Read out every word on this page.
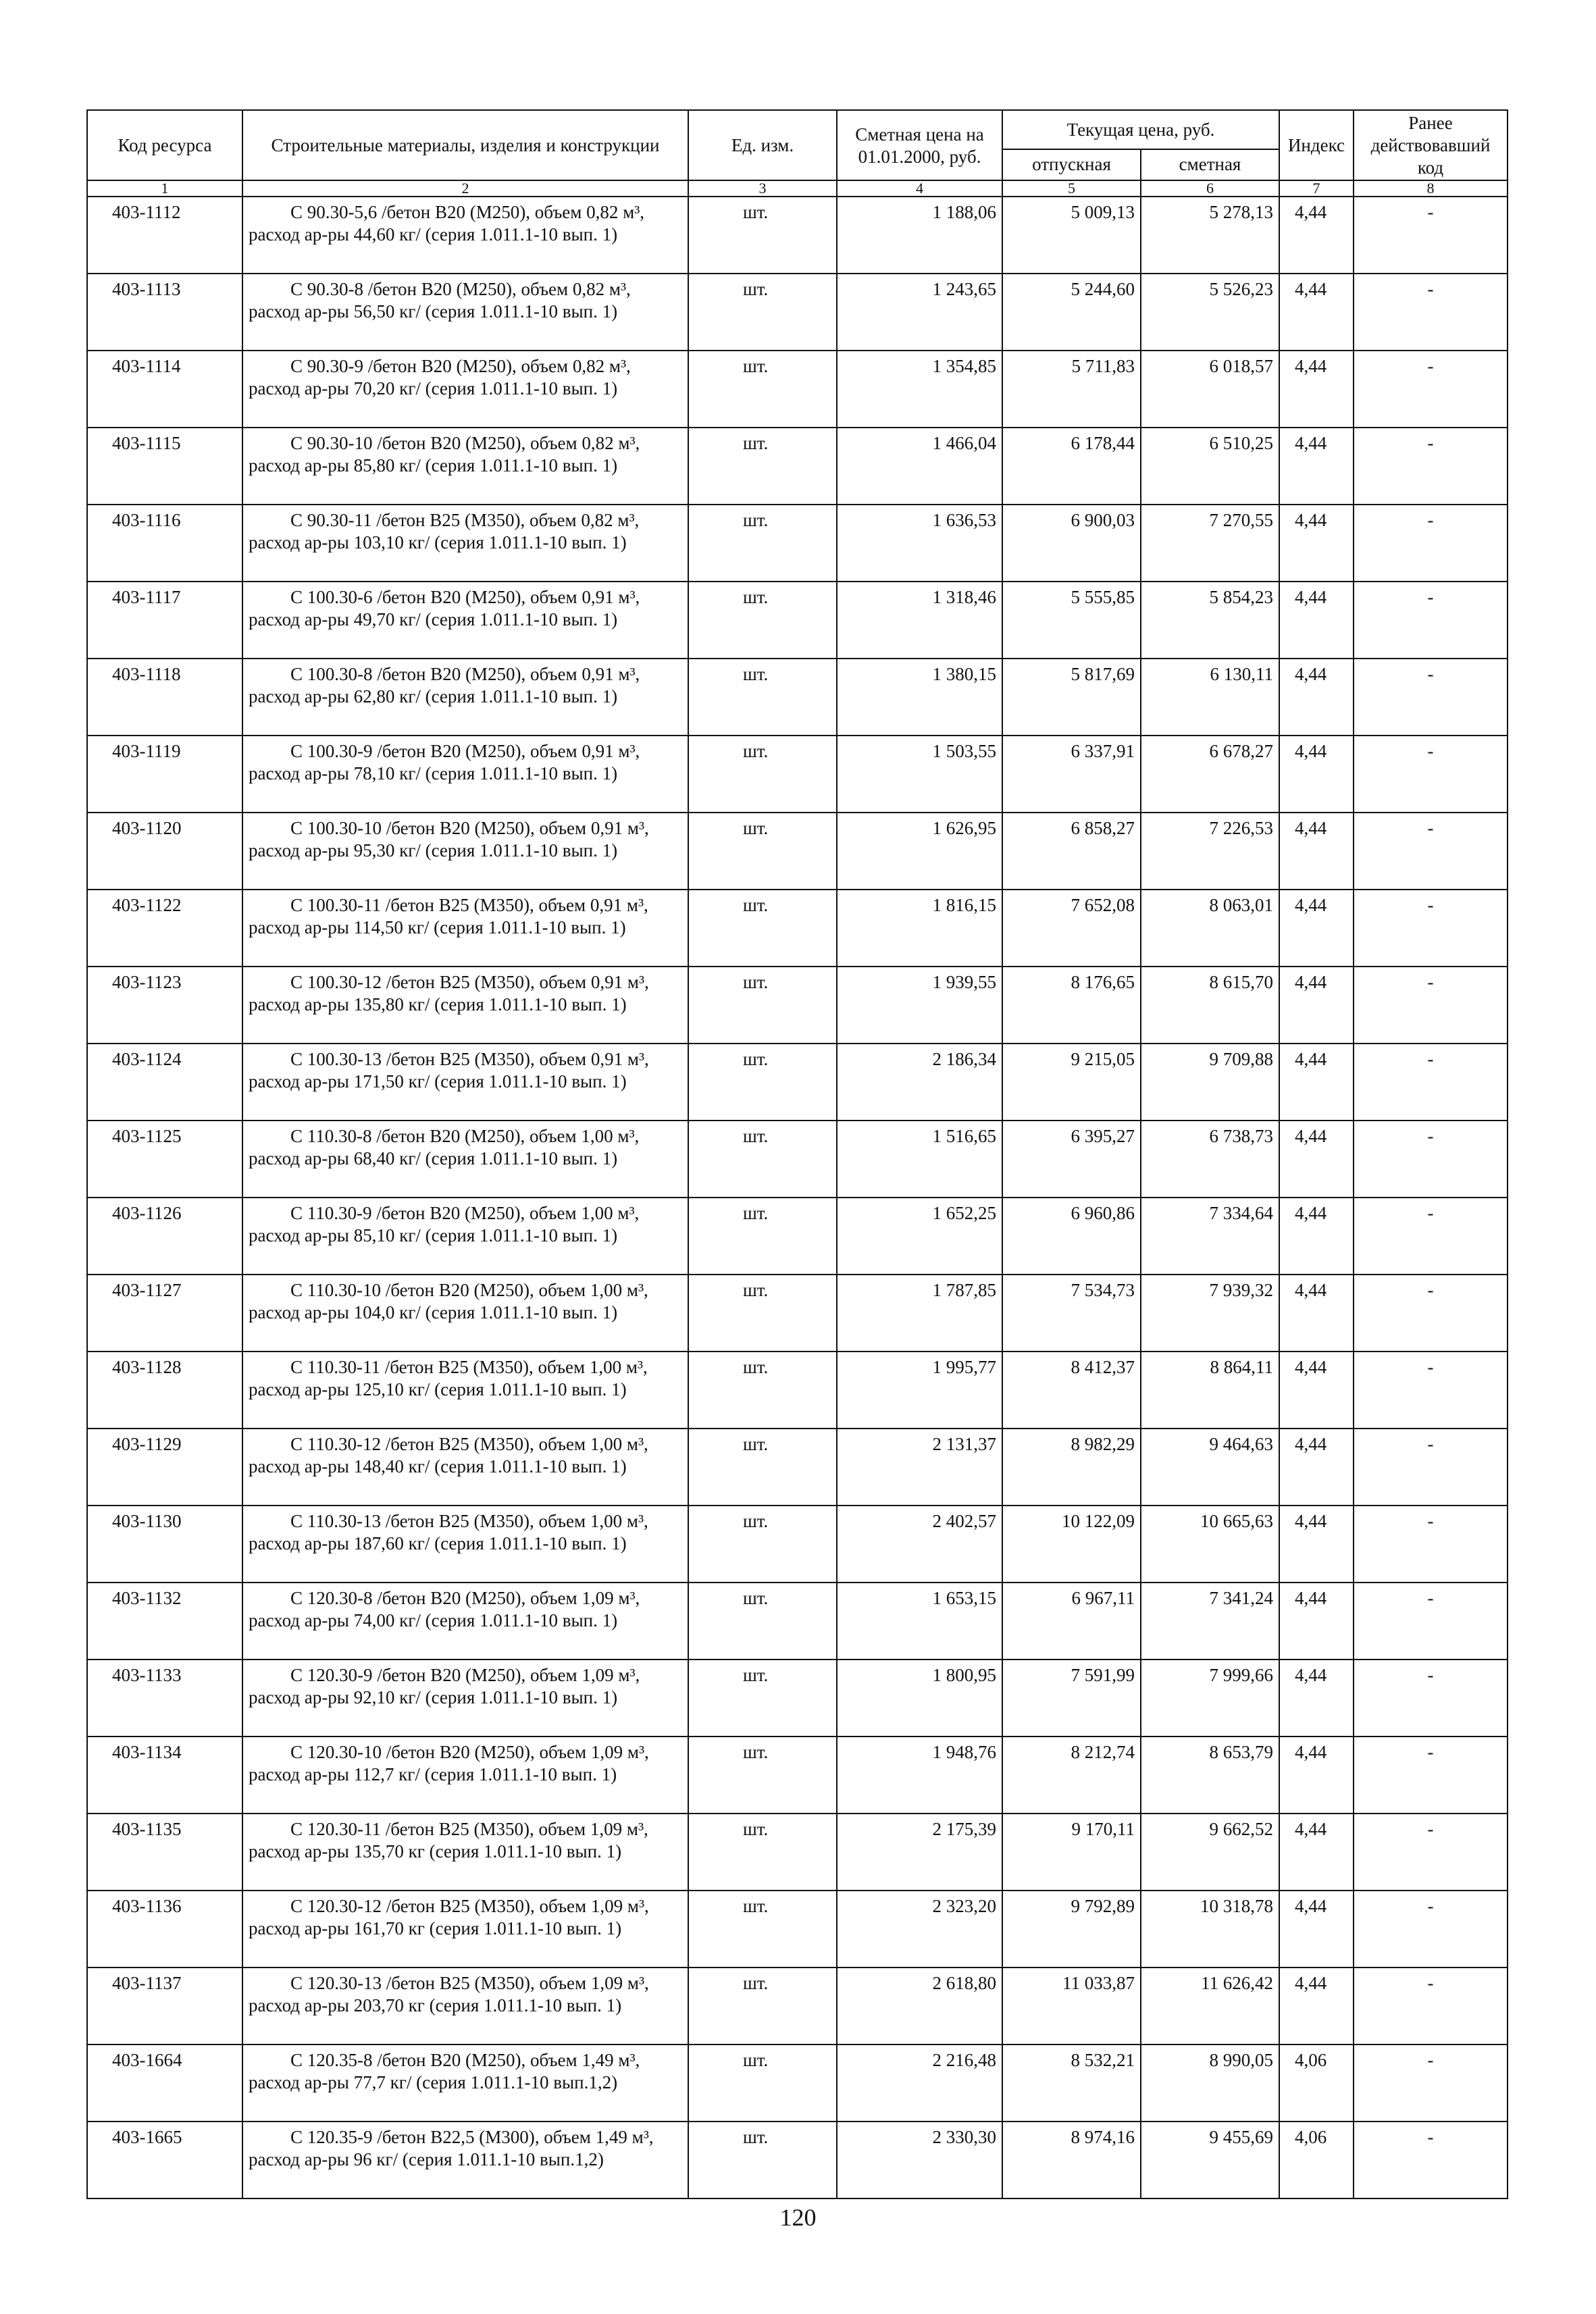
Код ресурса	Строительные материалы, изделия и конструкции	Ед. изм.	Сметная цена на 01.01.2000, руб.	Текущая цена, руб.		Индекс	Ранее действовавший код
				отпускная	сметная		
1	2	3	4	5	6	7	8
403-1112	С 90.30-5,6 /бетон В20 (М250), объем 0,82 м³, расход ар-ры 44,60 кг/ (серия 1.011.1-10 вып. 1)	шт.	1 188,06	5 009,13	5 278,13	4,44	-
403-1113	С 90.30-8 /бетон В20 (М250), объем 0,82 м³, расход ар-ры 56,50 кг/ (серия 1.011.1-10 вып. 1)	шт.	1 243,65	5 244,60	5 526,23	4,44	-
403-1114	С 90.30-9 /бетон В20 (М250), объем 0,82 м³, расход ар-ры 70,20 кг/ (серия 1.011.1-10 вып. 1)	шт.	1 354,85	5 711,83	6 018,57	4,44	-
403-1115	С 90.30-10 /бетон В20 (М250), объем 0,82 м³, расход ар-ры 85,80 кг/ (серия 1.011.1-10 вып. 1)	шт.	1 466,04	6 178,44	6 510,25	4,44	-
403-1116	С 90.30-11 /бетон В25 (М350), объем 0,82 м³, расход ар-ры 103,10 кг/ (серия 1.011.1-10 вып. 1)	шт.	1 636,53	6 900,03	7 270,55	4,44	-
403-1117	С 100.30-6 /бетон В20 (М250), объем 0,91 м³, расход ар-ры 49,70 кг/ (серия 1.011.1-10 вып. 1)	шт.	1 318,46	5 555,85	5 854,23	4,44	-
403-1118	С 100.30-8 /бетон В20 (М250), объем 0,91 м³, расход ар-ры 62,80 кг/ (серия 1.011.1-10 вып. 1)	шт.	1 380,15	5 817,69	6 130,11	4,44	-
403-1119	С 100.30-9 /бетон В20 (М250), объем 0,91 м³, расход ар-ры 78,10 кг/ (серия 1.011.1-10 вып. 1)	шт.	1 503,55	6 337,91	6 678,27	4,44	-
403-1120	С 100.30-10 /бетон В20 (М250), объем 0,91 м³, расход ар-ры 95,30 кг/ (серия 1.011.1-10 вып. 1)	шт.	1 626,95	6 858,27	7 226,53	4,44	-
403-1122	С 100.30-11 /бетон В25 (М350), объем 0,91 м³, расход ар-ры 114,50 кг/ (серия 1.011.1-10 вып. 1)	шт.	1 816,15	7 652,08	8 063,01	4,44	-
403-1123	С 100.30-12 /бетон В25 (М350), объем 0,91 м³, расход ар-ры 135,80 кг/ (серия 1.011.1-10 вып. 1)	шт.	1 939,55	8 176,65	8 615,70	4,44	-
403-1124	С 100.30-13 /бетон В25 (М350), объем 0,91 м³, расход ар-ры 171,50 кг/ (серия 1.011.1-10 вып. 1)	шт.	2 186,34	9 215,05	9 709,88	4,44	-
403-1125	С 110.30-8 /бетон В20 (М250), объем 1,00 м³, расход ар-ры 68,40 кг/ (серия 1.011.1-10 вып. 1)	шт.	1 516,65	6 395,27	6 738,73	4,44	-
403-1126	С 110.30-9 /бетон В20 (М250), объем 1,00 м³, расход ар-ры 85,10 кг/ (серия 1.011.1-10 вып. 1)	шт.	1 652,25	6 960,86	7 334,64	4,44	-
403-1127	С 110.30-10 /бетон В20 (М250), объем 1,00 м³, расход ар-ры 104,0 кг/ (серия 1.011.1-10 вып. 1)	шт.	1 787,85	7 534,73	7 939,32	4,44	-
403-1128	С 110.30-11 /бетон В25 (М350), объем 1,00 м³, расход ар-ры 125,10 кг/ (серия 1.011.1-10 вып. 1)	шт.	1 995,77	8 412,37	8 864,11	4,44	-
403-1129	С 110.30-12 /бетон В25 (М350), объем 1,00 м³, расход ар-ры 148,40 кг/ (серия 1.011.1-10 вып. 1)	шт.	2 131,37	8 982,29	9 464,63	4,44	-
403-1130	С 110.30-13 /бетон В25 (М350), объем 1,00 м³, расход ар-ры 187,60 кг/ (серия 1.011.1-10 вып. 1)	шт.	2 402,57	10 122,09	10 665,63	4,44	-
403-1132	С 120.30-8 /бетон В20 (М250), объем 1,09 м³, расход ар-ры 74,00 кг/ (серия 1.011.1-10 вып. 1)	шт.	1 653,15	6 967,11	7 341,24	4,44	-
403-1133	С 120.30-9 /бетон В20 (М250), объем 1,09 м³, расход ар-ры 92,10 кг/ (серия 1.011.1-10 вып. 1)	шт.	1 800,95	7 591,99	7 999,66	4,44	-
403-1134	С 120.30-10 /бетон В20 (М250), объем 1,09 м³, расход ар-ры 112,7 кг/ (серия 1.011.1-10 вып. 1)	шт.	1 948,76	8 212,74	8 653,79	4,44	-
403-1135	С 120.30-11 /бетон В25 (М350), объем 1,09 м³, расход ар-ры 135,70 кг (серия 1.011.1-10 вып. 1)	шт.	2 175,39	9 170,11	9 662,52	4,44	-
403-1136	С 120.30-12 /бетон В25 (М350), объем 1,09 м³, расход ар-ры 161,70 кг (серия 1.011.1-10 вып. 1)	шт.	2 323,20	9 792,89	10 318,78	4,44	-
403-1137	С 120.30-13 /бетон В25 (М350), объем 1,09 м³, расход ар-ры 203,70 кг (серия 1.011.1-10 вып. 1)	шт.	2 618,80	11 033,87	11 626,42	4,44	-
403-1664	С 120.35-8 /бетон В20 (М250), объем 1,49 м³, расход ар-ры 77,7 кг/ (серия 1.011.1-10 вып.1,2)	шт.	2 216,48	8 532,21	8 990,05	4,06	-
403-1665	С 120.35-9 /бетон В22,5 (М300), объем 1,49 м³, расход ар-ры 96 кг/ (серия 1.011.1-10 вып.1,2)	шт.	2 330,30	8 974,16	9 455,69	4,06	-
120
